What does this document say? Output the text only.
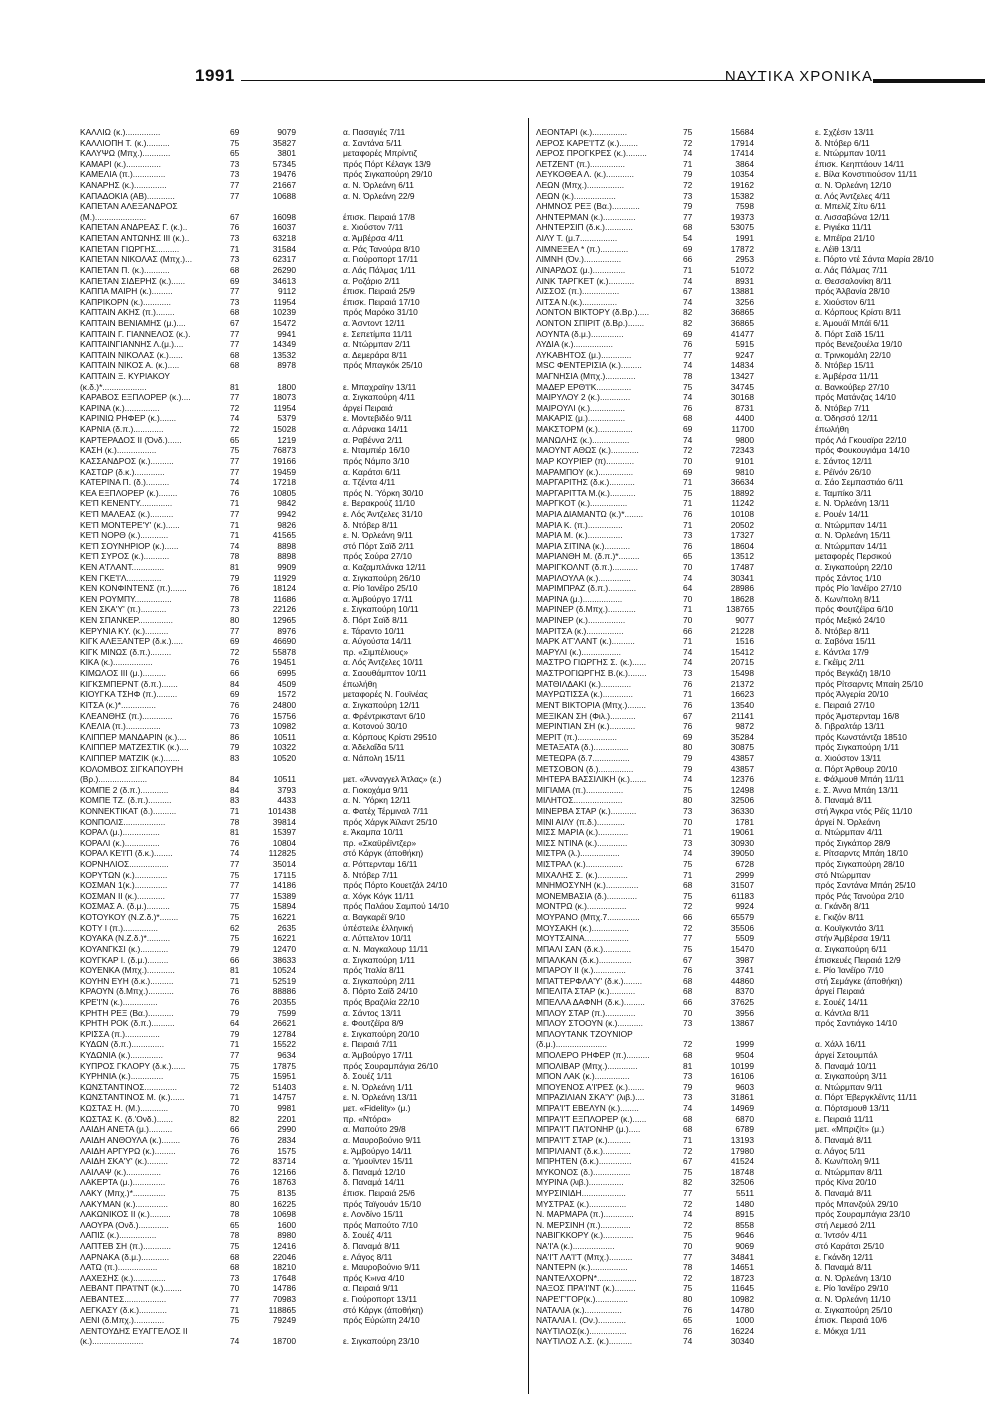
1991	ΝΑΥΤΙΚΑ ΧΡΟΝΙΚΑ
ΚΑΛΛΙΩ (κ.)...............	69	9079	α. Πασαγιές 7/11
ΚΑΛΛΙΟΠΗ Τ. (κ.)..........	75	35827	α. Σαντάνα 5/11
ΚΑΛΥΨΩ (Μπχ.)............	65	3801	μεταφορές Μπρίντιζ
ΚΑΜΑΡΙ (κ.)...............	73	57345	πρός Πόρτ Κέλαγκ 13/9
ΚΑΜΕΛΙΑ (π.)..............	73	19476	πρός Σιγκαπούρη 29/10
ΚΑΝΑΡΗΣ (κ.)..............	77	21667	α. Ν. Όρλεάνη 6/11
ΚΑΠΑΔΟΚΙΑ (ΑΒ)............	77	10688	α. Ν. Όρλεάνη 22/9
ΚΑΠΕΤΑΝ ΑΛΕΞΑΝΔΡΟΣ
(Μ.)......................	67	16098	έπισκ. Πειραιά 17/8
ΚΑΠΕΤΑΝ ΑΝΔΡΕΑΣ Γ. (κ.)..	76	16037	ε. Χιούστον 7/11
ΚΑΠΕΤΑΝ ΑΝΤΩΝΗΣ ΙΙΙ (κ.)..	73	63218	α. Άμβέρσα 4/11
ΚΑΠΕΤΑΝ ΓΙΩΡΓΗΣ..........	71	31584	α. Ράς Τανούρα 8/10
ΚΑΠΕΤΑΝ ΝΙΚΟΛΑΣ (Μπχ.)...	73	62317	α. Γιούροπορτ 17/11
ΚΑΠΕΤΑΝ Π. (κ.)...........	68	26290	α. Λάς Πάλμας 1/11
ΚΑΠΕΤΑΝ ΣΙΔΕΡΗΣ (κ.)......	69	34613	α. Ροζάριο 2/11
ΚΑΠΠΑ ΜΑΙΡΗ (κ.).........	77	9112	έπισκ. Πειραιά 25/9
ΚΑΠΡΙΚΟΡΝ (κ.)............	73	11954	έπισκ. Πειραιά 17/10
ΚΑΠΤΑΙΝ ΑΚΗΣ (π.)........	68	10239	πρός Μαρόκο 31/10
ΚΑΠΤΑΙΝ ΒΕΝΙΑΜΗΣ (μ.)....	67	15472	α. Άσντοντ 12/11
ΚΑΠΤΑΙΝ Γ. ΓΙΑΝΝΕΛΟΣ (κ.).	77	9941	ε. Σεπετίμπα 11/11
ΚΑΠΤΑΙΝΓΙΑΝΝΗΣ Λ.(μ.)....	77	14349	α. Ντώρμπαν 2/11
ΚΑΠΤΑΙΝ ΝΙΚΟΛΑΣ (κ.)......	68	13532	α. Δεμεράρα 8/11
ΚΑΠΤΑΙΝ ΝΙΚΟΣ Α. (κ.).....	68	8978	πρός Μπαγκόκ 25/10
ΚΑΠΤΑΙΝ Ξ. ΚΥΡΙΑΚΟΥ
(κ.δ.)*...................	81	1800	ε. Μπαχραϊην 13/11
ΚΑΡΑΒΟΣ ΕΞΠΛΟΡΕΡ (κ.)....	77	18073	α. Σιγκαπούρη 4/11
ΚΑΡΙΝΑ (κ.)...............	72	11954	άργεί Πειραιά
ΚΑΡΙΝΙΩ ΡΗΦΕΡ (κ.).......	74	5379	ε. Μοντεβιδέο 9/11
ΚΑΡΝΙΑ (δ.π.).............	72	15028	α. Λάρνακα 14/11
ΚΑΡΤΕΡΑΔΟΣ ΙΙ (Όνδ.)......	65	1219	α. Ραβέννα 2/11
ΚΑΣΗ (κ.).................	75	76873	ε. Νταμπιέρ 16/10
ΚΑΣΣΑΝΔΡΟΣ (κ.)..........	77	19166	πρός Νάμπο 3/10
ΚΑΣΤΩΡ (δ.κ.).............	77	19459	α. Καράτσι 6/11
ΚΑΤΕΡΙΝΑ Π. (δ.)..........	74	17218	α. Τζέντα 4/11
ΚΕΑ ΕΞΠΛΟΡΕΡ (κ.)........	76	10805	πρός Ν. Ύόρκη 30/10
ΚΕ'Π ΚΕΝΕΝΤΥ..............	71	9842	ε. Βερακρούζ 11/10
ΚΕ'Π ΜΑΛΕΑΣ (κ.)..........	77	9942	ε. Λός Άντζελες 31/10
ΚΕ'Π ΜΟΝΤΕΡΕ'Υ' (κ.)......	71	9826	δ. Ντόβερ 8/11
ΚΕ'Π ΝΟΡΘ (κ.)............	71	41565	ε. Ν. Όρλεάνη 9/11
ΚΕ'Π ΣΟΥΝΗΡΙΟΡ (κ.)......	74	8898	στό Πόρτ Σαϊδ 2/11
ΚΕ'Π ΣΥΡΟΣ (κ.)...........	78	8898	πρός Σούρα 27/10
ΚΕΝ Α'ΓΛΑΝΤ..............	81	9909	α. Καζαμπλάνκα 12/11
ΚΕΝ ΓΚΕ'Ι'Λ...............	79	11929	α. Σιγκαπούρη 26/10
ΚΕΝ ΚΟΝΦΙΝΤΕΝΣ (π.).......	76	18124	α. Ρίο Ίανέϊρο 25/10
ΚΕΝ ΡΟΥΜΠΥ................	78	11686	α. Άμβούργο 17/11
ΚΕΝ ΣΚΑ'Υ' (π.)...........	73	22126	ε. Σιγκαπούρη 10/11
ΚΕΝ ΣΠΑΝΚΕΡ...............	80	12965	δ. Πόρτ Σαϊδ 8/11
ΚΕΡΥΝΙΑ ΚΥ. (κ.)..........	77	8976	ε. Τάραντο 10/11
ΚΙΓΚ ΑΛΕΞΑΝΤΕΡ (δ.κ.).....	69	46690	α. Αύγούστα 14/11
ΚΙΓΚ ΜΙΝΩΣ (δ.π.).........	72	55878	πρ. «Σιμπέλιους»
ΚΙΚΑ (κ.).................	76	19451	α. Λός Άντζελες 10/11
ΚΙΜΩΛΟΣ ΙΙΙ (μ.)..........	66	6995	α. Σαουθάμπτον 10/11
ΚΙΓΚΣΜΠΕΡΝΤ (δ.π.).......	84	4509	έπωλήθη
ΚΙΟΥΓΚΑ ΤΣΗΦ (π.).........	69	1572	μεταφορές Ν. Γουϊνέας
ΚΙΤΣΑ (κ.)*...............	76	24800	α. Σιγκαπούρη 12/11
ΚΛΕΑΝΘΗΣ (π.).............	76	15756	α. Φρέντρικσταντ 6/10
ΚΛΕΛΙΑ (π.)...............	73	10982	α. Κοτονού 30/10
ΚΛΙΠΠΕΡ ΜΑΝΔΑΡΙΝ (κ.)....	86	10511	α. Κόρπους Κρίστι 29510
ΚΛΙΠΠΕΡ ΜΑΤΖΕΣΤΙΚ (κ.)....	79	10322	α. Άδελαΐδα 5/11
ΚΛΙΠΠΕΡ ΜΑΤΖΙΚ (κ.).......	83	10520	α. Νάπολη 15/11
ΚΟΛΟΜΒΟΣ ΣΙΓΚΑΠΟΥΡΗ
(Βρ.).....................	84	10511	μετ. «Άνναγγελ Άτλας» (ε.)
ΚΟΜΠΕ 2 (δ.π.)............	84	3793	α. Γιοκοχάμα 9/11
ΚΟΜΠΕ ΤΖ. (δ.π.)..........	83	4433	α. Ν. Ύόρκη 12/11
ΚΟΝΝΕΚΤΙΚΑΤ (δ.)..........	71	101438	α. Φατέχ Τέρμιναλ 7/11
ΚΟΝΠΟΛΙΣ..................	78	39814	πρός Χάργκ Άϊλαντ 25/10
ΚΟΡΑΛ (μ.)................	81	15397	ε. Άκαμπα 10/11
ΚΟΡΑΛΙ (κ.)...............	76	10804	πρ. «Σκαϋρέϊντζερ»
ΚΟΡΑΛ ΚΕ'Ι'Π (δ.κ.)........	74	112825	στό Κάργκ (άποθήκη)
ΚΟΡΝΗΛΙΟΣ.................	77	35014	α. Ρόττερνταμ 16/11
ΚΟΡΥΤΩΝ (κ.)..............	75	17115	δ. Ντόβερ 7/11
ΚΟΣΜΑΝ 1(κ.)..............	77	14186	πρός Πόρτο Κουετζάλ 24/10
ΚΟΣΜΑΝ ΙΙ (κ.)............	77	15389	α. Χόγκ Κόγκ 11/11
ΚΟΣΜΑΣ Α. (δ.μ.)..........	75	15894	πρός Παλάου Σαμπού 14/10
ΚΟΤΟΥΚΟΥ (Ν.Ζ.δ.)*........	75	16221	α. Βαγκαρέϊ 9/10
ΚΟΤΥ Ι (π.)...............	62	2635	ύπέστειλε έλληνική
ΚΟΥΑΚΑ (Ν.Ζ.δ.)*..........	75	16221	α. Λύττελτον 10/11
ΚΟΥΑΝΓΚΣΙ (κ.)............	79	12470	α. Ν. Μαγκαλουρ 11/11
ΚΟΥΓΚΑΡ Ι. (δ.μ.).........	66	38633	α. Σιγκαπούρη 1/11
ΚΟΥΕΝΚΑ (Μπχ.)............	81	10524	πρός Ίταλία 8/11
ΚΟΥΗΝ ΕΥΗ (δ.κ.)..........	71	52519	α. Σιγκαπούρη 2/11
ΚΡΑΟΥΝ (δ.Μπχ.)...........	76	88886	δ. Πόρτο Σαϊδ 24/10
ΚΡΕ'Ι'Ν (κ.)...............	76	20355	πρός Βραζιλία 22/10
ΚΡΗΤΗ ΡΕΞ (Βα.)...........	79	7599	α. Σάντος 13/11
ΚΡΗΤΗ ΡΟΚ (δ.π.)..........	64	26621	ε. Φουτζέϊρα 8/9
ΚΡΙΣΣΑ (π.)...............	79	12784	ε. Σιγκαπούρη 20/10
ΚΥΔΩΝ (δ.π.)..............	71	15522	ε. Πειραιά 7/11
ΚΥΔΩΝΙΑ (κ.)..............	77	9634	α. Άμβούργο 17/11
ΚΥΠΡΟΣ ΓΚΛΟΡΥ (δ.κ.)......	75	17875	πρός Σουραμπάγια 26/10
ΚΥΡΗΝΙΑ (κ.)..............	75	15951	δ. Σουέζ 1/11
ΚΩΝΣΤΑΝΤΙΝΟΣ..............	72	51403	ε. Ν. Όρλεάνη 1/11
ΚΩΝΣΤΑΝΤΙΝΟΣ Μ. (κ.)......	71	14757	ε. Ν. Όρλεάνη 13/11
ΚΩΣΤΑΣ Η. (Μ.)............	70	9981	μετ. «Fidelity» (μ.)
ΚΩΣΤΑΣ Κ. (δ.'Ονδ.).......	82	2201	πρ. «Ντόρα»
ΛΑΙΔΗ ΑΝΕΤΑ (μ.)..........	66	2990	α. Μαπούτο 29/8
ΛΑΙΔΗ ΑΝΘΟΥΛΑ (κ.)........	76	2834	α. Μαυροβούνιο 9/11
ΛΑΙΔΗ ΑΡΓΥΡΩ (κ.).........	76	1575	ε. Άμβούργο 14/11
ΛΑΙΔΗ ΣΚΑ'Υ' (κ.).........	72	83714	α. Ύμουϊντεν 15/11
ΛΑΙΛΑΨ (κ.)...............	76	12166	δ. Παναμά 12/10
ΛΑΚΕΡΤΑ (μ.)..............	76	18763	δ. Παναμά 14/11
ΛΑΚΥ (Μπχ.)*..............	75	8135	έπισκ. Πειραιά 25/6
ΛΑΚΥΜΑΝ (κ.)..............	80	16225	πρός Ταϊγουάν 15/10
ΛΑΚΩΝΙΚΟΣ ΙΙ (κ.).........	78	10698	ε. Λονδίνο 15/11
ΛΑΟΥΡΑ (Ονδ.).............	65	1600	πρός Μαπούτο 7/10
ΛΑΠΙΣ (κ.)................	78	8980	δ. Σουέζ 4/11
ΛΑΠΤΕΒ ΣΗ (π.)............	75	12416	δ. Παναμά 8/11
ΛΑΡΝΑΚΑ (δ.μ.)............	68	22046	ε. Λάγος 8/11
ΛΑΤΩ (π.).................	68	18210	ε. Μαυροβούνιο 9/11
ΛΑΧΕΣΗΣ (κ.)..............	73	17648	πρός Κ»ινα 4/10
ΛΕΒΑΝΤ ΠΡΑ'Ι'ΝΤ (κ.)........	70	14786	α. Πειραιά 9/11
ΛΕΒΑΝΤΕΣ..................	77	70983	ε. Γιούροπορτ 13/11
ΛΕΓΚΑΣΥ (δ.κ.)............	71	118865	στό Κάργκ (άποθήκη)
ΛΕΝΙ (δ.Μπχ.).............	75	79249	πρός Εύρώπη 24/10
ΛΕΝΤΟΥΔΗΣ ΕΥΑΓΓΕΛΟΣ ΙΙ
(κ.)......................	74	18700	ε. Σιγκαπούρη 23/10
ΛΕΟΝΤΑΡΙ (κ.)...............	75	15684	ε. Σχζέσιν 13/11
ΛΕΡΟΣ ΚΑΡΕ'Ι'ΤΖ (κ.)........	72	17914	δ. Ντόβερ 6/11
ΛΕΡΟΣ ΠΡΟΓΚΡΕΣ (κ.).........	74	17414	ε. Ντώρμπαν 10/11
ΛΕΤΖΕΝΤ (π.)...............	71	3864	έπισκ. Κεηπτάουν 14/11
ΛΕΥΚΟΘΕΑ Λ. (κ.)............	79	10354	ε. Βίλα Κονστιτιούσον 11/11
ΛΕΩΝ (Μπχ.)................	72	19162	α. Ν. Όρλεάνη 12/10
ΛΕΩΝ (κ.)..................	73	15382	α. Λός Άντζελες 4/11
ΛΗΜΝΟΣ ΡΕΞ (Βα.)............	79	7598	α. Μπελίζ Σίτυ 6/11
ΛΗΝΤΕΡΜΑΝ (κ.)..............	77	19373	α. Λισσαβώνα 12/11
ΛΗΝΤΕΡΣΙΠ (δ.κ.)............	68	53075	ε. Ριγιέκα 11/11
ΛΙΛΥ Τ. (μ.7................	54	1991	ε. Μπέϊρα 21/10
ΛΙΜΝΕΞΕΛ * (π.)............	69	17872	ε. Λέϊθ 13/11
ΛΙΜΝΗ (Όν.)................	66	2953	ε. Πόρτο ντέ Σάντα Μαρία 28/10
ΛΙΝΑΡΔΟΣ (μ.)..............	71	51072	α. Λάς Πάλμας 7/11
ΛΙΝΚ ΤΑΡΓΚΕΤ (κ.)...........	74	8931	α. Θεσσαλονίκη 8/11
ΛΙΣΣΟΣ (π.)................	67	13881	πρός Άλβανία 28/10
ΛΙΤΣΑ Ν.(κ.)...............	74	3256	ε. Χιούστον 6/11
ΛΟΝΤΟΝ ΒΙΚΤΟΡΥ (δ.Βρ.).....	82	36865	α. Κόρπους Κρίστι 8/11
ΛΟΝΤΟΝ ΣΠΙΡΙΤ (δ.Βρ.).......	82	36865	ε. Άμουάϊ Μπάϊ 6/11
ΛΟΥΝΤΑ (δ.μ.)..............	69	41477	δ. Πόρτ Σαϊδ 15/11
ΛΥΔΙΑ (κ.).................	76	5915	πρός Βενεζουέλα 19/10
ΛΥΚΑΒΗΤΟΣ (μ.).............	77	9247	α. Τρινκομάλη 22/10
MSC ΦΕΝΤΕΡΙΣΙΑ (κ.).........	74	14834	δ. Ντόβερ 15/11
ΜΑΓΝΗΣΙΑ (Μπχ.).............	78	13427	ε. Άμβέρσα 11/11
ΜΑΔΕΡ ΕΡΘ'Ι'Κ...............	75	34745	α. Βανκούβερ 27/10
ΜΑΙΡΥΛΟΥ 2 (κ.).............	74	30168	πρός Ματάνζας 14/10
ΜΑΙΡΟΥΛΙ (κ.)...............	76	8731	δ. Ντόβερ 7/11
ΜΑΚΑΡΙΣ (μ.)................	68	4400	α. Όδησσό 12/11
ΜΑΚΣΤΟΡΜ (κ.)...............	69	11700	έπωλήθη
ΜΑΝΩΛΗΣ (κ.)................	74	9800	πρός Λά Γκουαϊρα 22/10
ΜΑΟΥΝΤ ΑΘΩΣ (κ.)............	72	72343	πρός Φουκουγιάμα 14/10
ΜΑΡ ΚΟΥΡΙΕΡ (π)............	70	9101	ε. Σάντος 12/11
ΜΑΡΑΜΠΟΥ (κ.)...............	69	9810	ε. Ρέϊνόν 26/10
ΜΑΡΓΑΡΙΤΗΣ (δ.κ.)...........	71	36634	α. Σάο Σεμπαστιάο 6/11
ΜΑΡΓΑΡΙΤΤΑ Μ.(κ.)...........	75	18892	ε. Ταμπίκο 3/11
ΜΑΡΓΚΟΤ (κ.)................	71	11242	ε. Ν. Όρλεάνη 13/11
ΜΑΡΙΑ ΔΙΑΜΑΝΤΩ (κ.)*........	76	10108	ε. Ρουέν 14/11
ΜΑΡΙΑ Κ. (π.)...............	71	20502	α. Ντώρμπαν 14/11
ΜΑΡΙΑ Μ. (κ.)...............	73	17327	α. Ν. Όρλεάνη 15/11
ΜΑΡΙΑ ΣΙΤΙΝΑ (κ.)...........	76	18604	α. Ντώρμπαν 14/11
ΜΑΡΙΑΝΘΗ Μ. (δ.π.)*.........	65	13512	μεταφορές Περσικού
ΜΑΡΙΓΚΟΛΝΤ (δ.π.)...........	70	17487	α. Σιγκαπούρη 22/10
ΜΑΡΙΛΟΥΛΑ (κ.)..............	74	30341	πρός Σάντος 1/10
ΜΑΡΙΜΠΡΑΖ (δ.π.)............	64	28986	πρός Ρίο Ίανέϊρο 27/10
ΜΑΡΙΝΑ (μ.).................	70	18628	δ. Κων/πολη 8/11
ΜΑΡΙΝΕΡ (δ.Μπχ.)............	71	138765	πρός Φουτζέϊρα 6/10
ΜΑΡΙΝΕΡ (κ.)................	70	9077	πρός Μεξικό 24/10
ΜΑΡΙΤΣΑ (κ.)................	66	21228	δ. Ντόβερ 8/11
ΜΑΡΚ Α'Γ'ΛΑΝΤ (κ.)..........	71	1516	α. Σαβόνα 15/11
ΜΑΡΥΛΙ (κ.).................	74	15412	ε. Κάντλα 17/9
ΜΑΣΤΡΟ ΓΙΩΡΓΗΣ Σ. (κ.)......	74	20715	ε. Γκέϊμς 2/11
ΜΑΣΤΡΟΓΙΩΡΓΗΣ Β.(κ.)........	73	15498	πρός Βεγκάζη 18/10
ΜΑΤΘΙΛΔΑΚΙ (κ.).............	76	21372	πρός Ρίτσαρντς Μπαίη 25/10
ΜΑΥΡΩΤΙΣΣΑ (κ.).............	71	16623	πρός Άλγερία 20/10
ΜΕΝΤ ΒΙΚΤΟΡΙΑ (Μπχ.)........	76	13540	ε. Πειραιά 27/10
ΜΕΞΙΚΑΝ ΣΗ (Φιλ.)...........	67	21141	πρός Άμστερνταμ 16/8
ΜΕΡΙΝΤΙΑΝ ΣΗ (κ.)...........	76	9872	δ. Γιβραλτάρ 13/11
ΜΕΡΙΤ (π.).................	69	35284	πρός Κωνστάντζα 18510
ΜΕΤΑΞΑΤΑ (δ.)...............	80	30875	πρός Σιγκαπούρη 1/11
ΜΕΤΕΩΡΑ (δ.7................	79	43857	α. Χιούστον 13/11
ΜΕΤΣΟΒΟΝ (δ.)...............	79	43857	α. Πόρτ Άρθουρ 20/10
ΜΗΤΕΡΑ ΒΑΣΣΙΛΙΚΗ (κ.).......	74	12376	ε. Φάλμουθ Μπάη 11/11
ΜΙΓΙΑΜΑ (π.)................	75	12498	ε. Σ. Άννα Μπάη 13/11
ΜΙΛΗΤΟΣ.....................	80	32506	δ. Παναμά 8/11
ΜΙΝΕΡΒΑ ΣΤΑΡ (κ.)...........	73	36330	στή Άγκρα ντός Ρέϊς 11/10
ΜΙΝΙ ΑΙΛΥ (π.δ.)............	70	1781	άργεί Ν. Όρλεάνη
ΜΙΣΣ ΜΑΡΙΑ (κ.).............	71	19061	α. Ντώρμπαν 4/11
ΜΙΣΣ ΝΤΙΝΑ (κ.).............	73	30930	πρός Σιγκάπορ 28/9
ΜΙΣΤΡΑ (λ.).................	74	39050	ε. Ρίτσαρντς Μπάη 18/10
ΜΙΣΤΡΑΛ (κ.)................	75	6728	πρός Σιγκαπούρη 28/10
ΜΙΧΑΛΗΣ Σ. (κ.).............	71	2999	στό Ντώρμπαν
ΜΝΗΜΟΣΥΝΗ (κ.)..............	68	31507	πρός Σαντάνα Μπάη 25/10
ΜΟΝΕΜΒΑΣΙΑ (δ.).............	75	61183	πρός Ράς Τανούρα 2/10
ΜΟΝΤΡΩ (κ.).................	72	9924	α. Γκάνδη 8/11
ΜΟΥΡΑΝΟ (Μπχ.7..............	66	65579	ε. Γκιζόν 8/11
ΜΟΥΣΑΚΗ (κ.)................	72	35506	α. Κουϊγκντάο 3/11
ΜΟΥΤΣΑΙΝΑ...................	77	5509	στήν Άμβέρσα 19/11
ΜΠΑΛΙ ΣΑΝ (δ.κ.)............	75	15470	α. Σιγκαπούρη 6/11
ΜΠΑΛΚΑΝ (δ.κ.)..............	67	3987	έπισκευές Πειραιά 12/9
ΜΠΑΡΟΥ ΙΙ (κ.)..............	76	3741	ε. Ρίο Ίανέϊρο 7/10
ΜΠΑΤΤΕΡΦΛΑ'Υ' (δ.κ.)........	68	44860	στή Σεμάγκε (άποθήκη)
ΜΠΕΛΙΤΑ ΣΤΑΡ (κ.)...........	68	8370	άργεί Πειραιά
ΜΠΕΛΛΑ ΔΑΦΝΗ (δ.κ.).........	66	37625	ε. Σουέζ 14/11
ΜΠΛΟΥ ΣΤΑΡ (π.).............	70	3956	α. Κάντλα 8/11
ΜΠΛΟΥ ΣΤΟΟΥΝ (κ.)...........	73	13867	πρός Σαντιάγκο 14/10
ΜΠΛΟΥΤΑΝΚ ΤΖΟΥΝΙΟΡ
(δ.μ.)......................	72	1999	α. Χάλλ 16/11
ΜΠΟΛΕΡΟ ΡΗΦΕΡ (π.)..........	68	9504	άργεί Σετουμπάλ
ΜΠΟΛΙΒΑΡ (Μπχ.).............	81	10199	δ. Παναμά 10/11
ΜΠΟΝ ΛΑΚ (κ.)...............	73	16106	α. Σιγκαπούρη 3/11
ΜΠΟΥΕΝΟΣ Α'Ι'ΡΕΣ (κ.).......	79	9603	α. Ντώρμπαν 9/11
ΜΠΡΑΖΙΛΙΑΝ ΣΚΑ'Υ' (λιβ.)....	73	31861	α. Πόρτ Έβεργκλέϊντς 11/11
ΜΠΡΑ'Ι'Τ ΕΒΕΛΥΝ (κ.)........	74	14969	α. Πόρτσμουθ 13/11
ΜΠΡΑ'Ι'Τ ΕΞΠΛΟΡΕΡ (κ.)......	68	6870	ε. Πειραιά 11/11
ΜΠΡΑ'Ι'Τ ΠΑ'Ι'ΟΝΗΡ (μ.).....	68	6789	μετ. «Μπριζίτ» (μ.)
ΜΠΡΑ'Ι'Τ ΣΤΑΡ (κ.)..........	71	13193	δ. Παναμά 8/11
ΜΠΡΙΛΙΑΝΤ (δ.κ.)............	72	17980	α. Λάγος 5/11
ΜΠΡΗΤΕΝ (δ.κ.)..............	67	41524	δ. Κων/πολη 9/11
ΜΥΚΟΝΟΣ (δ.)................	75	18748	α. Ντώρμπαν 8/11
ΜΥΡΙΝΑ (λιβ.)...............	82	32506	πρός Κίνα 20/10
ΜΥΡΣΙΝΙΔΗ...................	77	5511	δ. Παναμά 8/11
ΜΥΣΤΡΑΣ (κ.)................	72	1480	πρός Μπανζούλ 29/10
Ν. ΜΑΡΜΑΡΑ (π.).............	74	8915	πρός Σουραμπάγια 23/10
Ν. ΜΕΡΣΙΝΗ (π.).............	72	8558	στή Λεμεσό 2/11
ΝΑΒΙΓΚΚΟΡΥ (κ.).............	75	9646	α. Ίντσόν 4/11
ΝΑ'Ι'Α (κ.)..................	70	9069	στό Καράτσι 25/10
ΝΑ'Ι'Τ ΛΑ'Ι'Τ (Μπχ.)..........	77	34841	ε. Γκάνδη 12/11
ΝΑΝΤΕΡΝ (κ.)................	78	14651	δ. Παναμά 8/11
ΝΑΝΤΕΛΧΟΡΝ*.................	72	18723	α. Ν. Όρλεάνη 13/10
ΝΑΞΟΣ ΠΡΑ'Ι'ΝΤ (κ.).........	75	11645	ε. Ρίο Ίανέϊρο 29/10
ΝΑΡΕ'Γ'ΓΟΡ(κ.)..............	80	10982	α. Ν. Όρλεάνη 11/10
ΝΑΤΑΛΙΑ (κ.)................	76	14780	α. Σιγκαπούρη 25/10
ΝΑΤΑΛΙΑ Ι. (Ον.)............	65	1000	έπισκ. Πειραιά 10/6
ΝΑΥΤΙΛΟΣ(κ.)................	76	16224	ε. Μόκχα 1/11
ΝΑΥΤΙΛΟΣ Λ.Σ. (κ.)..........	74	30340
